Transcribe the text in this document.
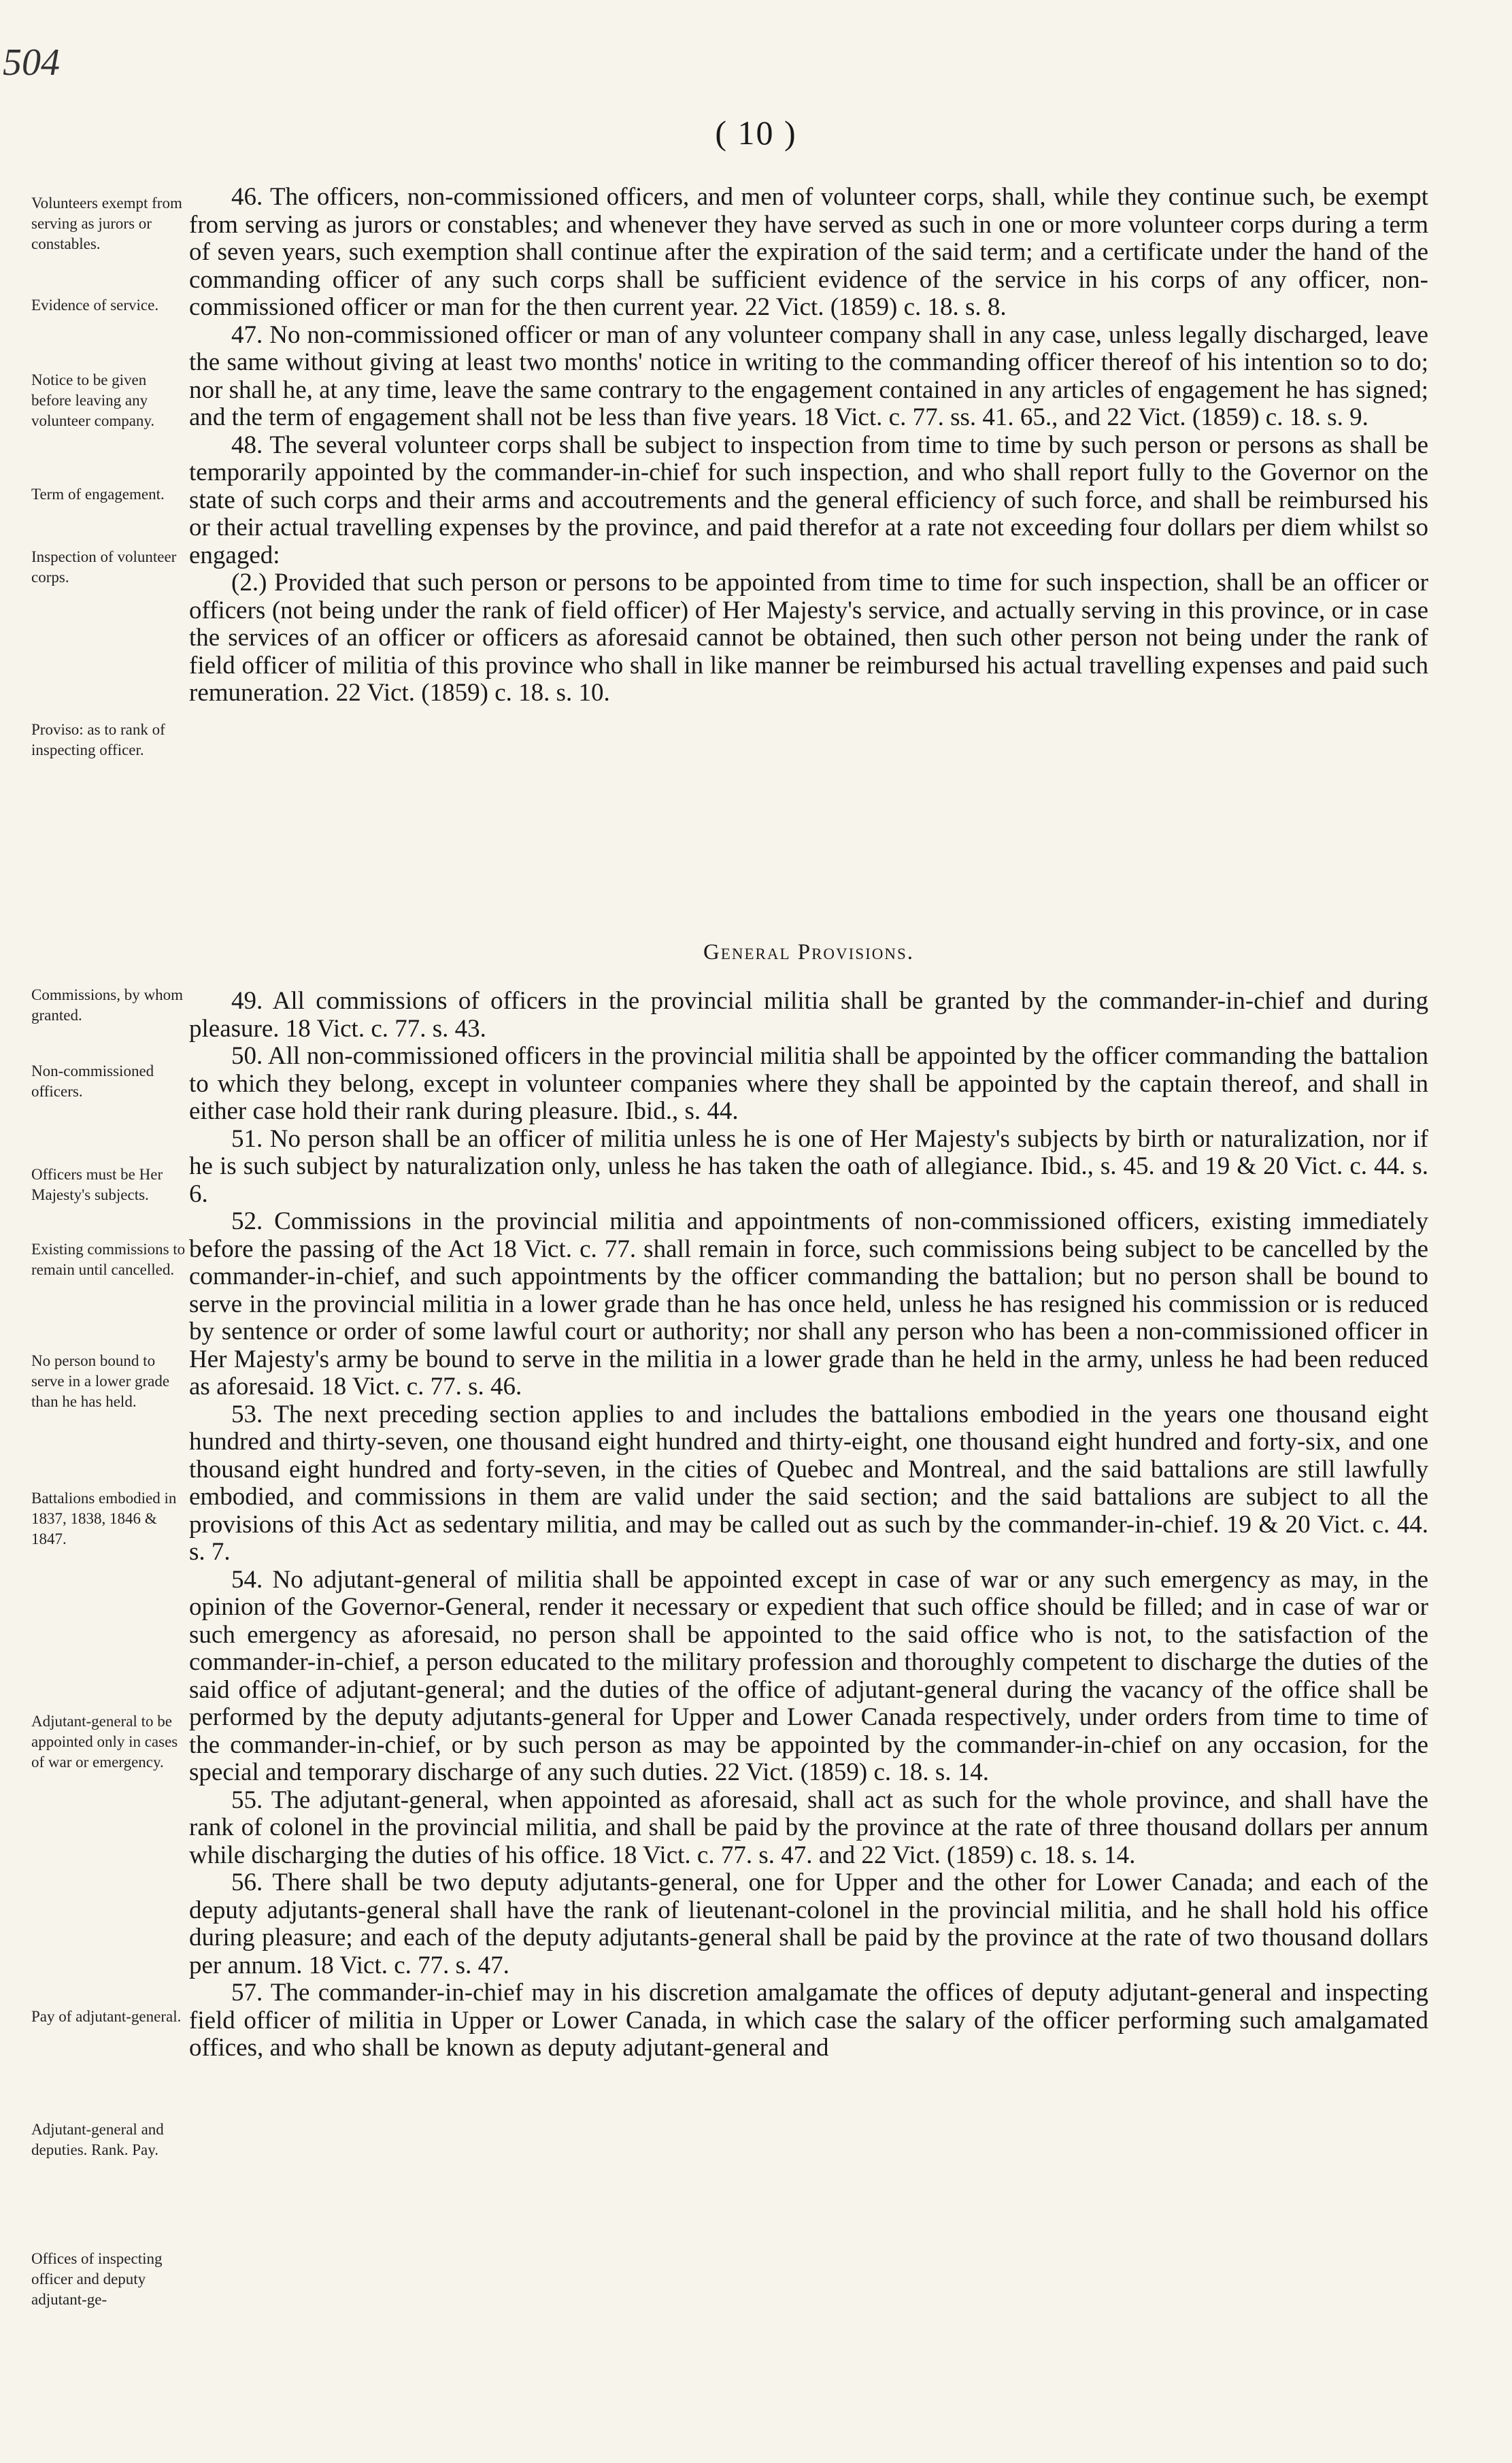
504
( 10 )
Volunteers exempt from serving as jurors or constables.
Evidence of service.
Notice to be given before leaving any volunteer company.
Term of engagement.
Inspection of volunteer corps.
Proviso: as to rank of inspecting officer.
Commissions, by whom granted.
Non-commissioned officers.
Officers must be Her Majesty's subjects.
Existing commissions to remain until cancelled.
No person bound to serve in a lower grade than he has held.
Battalions embodied in 1837, 1838, 1846 & 1847.
Adjutant-general to be appointed only in cases of war or emergency.
Pay of adjutant-general.
Adjutant-general and deputies. Rank. Pay.
Offices of inspecting officer and deputy adjutant-ge-

46. The officers, non-commissioned officers, and men of volunteer corps, shall, while they continue such, be exempt from serving as jurors or constables; and whenever they have served as such in one or more volunteer corps during a term of seven years, such exemption shall continue after the expiration of the said term; and a certificate under the hand of the commanding officer of any such corps shall be sufficient evidence of the service in his corps of any officer, non-commissioned officer or man for the then current year. 22 Vict. (1859) c. 18. s. 8.

47. No non-commissioned officer or man of any volunteer company shall in any case, unless legally discharged, leave the same without giving at least two months' notice in writing to the commanding officer thereof of his intention so to do; nor shall he, at any time, leave the same contrary to the engagement contained in any articles of engagement he has signed; and the term of engagement shall not be less than five years. 18 Vict. c. 77. ss. 41. 65., and 22 Vict. (1859) c. 18. s. 9.

48. The several volunteer corps shall be subject to inspection from time to time by such person or persons as shall be temporarily appointed by the commander-in-chief for such inspection, and who shall report fully to the Governor on the state of such corps and their arms and accoutrements and the general efficiency of such force, and shall be reimbursed his or their actual travelling expenses by the province, and paid therefor at a rate not exceeding four dollars per diem whilst so engaged:

(2.) Provided that such person or persons to be appointed from time to time for such inspection, shall be an officer or officers (not being under the rank of field officer) of Her Majesty's service, and actually serving in this province, or in case the services of an officer or officers as aforesaid cannot be obtained, then such other person not being under the rank of field officer of militia of this province who shall in like manner be reimbursed his actual travelling expenses and paid such remuneration. 22 Vict. (1859) c. 18. s. 10.

General Provisions.

49. All commissions of officers in the provincial militia shall be granted by the commander-in-chief and during pleasure. 18 Vict. c. 77. s. 43.

50. All non-commissioned officers in the provincial militia shall be appointed by the officer commanding the battalion to which they belong, except in volunteer companies where they shall be appointed by the captain thereof, and shall in either case hold their rank during pleasure. Ibid., s. 44.

51. No person shall be an officer of militia unless he is one of Her Majesty's subjects by birth or naturalization, nor if he is such subject by naturalization only, unless he has taken the oath of allegiance. Ibid., s. 45. and 19 & 20 Vict. c. 44. s. 6.

52. Commissions in the provincial militia and appointments of non-commissioned officers, existing immediately before the passing of the Act 18 Vict. c. 77. shall remain in force, such commissions being subject to be cancelled by the commander-in-chief, and such appointments by the officer commanding the battalion; but no person shall be bound to serve in the provincial militia in a lower grade than he has once held, unless he has resigned his commission or is reduced by sentence or order of some lawful court or authority; nor shall any person who has been a non-commissioned officer in Her Majesty's army be bound to serve in the militia in a lower grade than he held in the army, unless he had been reduced as aforesaid. 18 Vict. c. 77. s. 46.

53. The next preceding section applies to and includes the battalions embodied in the years one thousand eight hundred and thirty-seven, one thousand eight hundred and thirty-eight, one thousand eight hundred and forty-six, and one thousand eight hundred and forty-seven, in the cities of Quebec and Montreal, and the said battalions are still lawfully embodied, and commissions in them are valid under the said section; and the said battalions are subject to all the provisions of this Act as sedentary militia, and may be called out as such by the commander-in-chief. 19 & 20 Vict. c. 44. s. 7.

54. No adjutant-general of militia shall be appointed except in case of war or any such emergency as may, in the opinion of the Governor-General, render it necessary or expedient that such office should be filled; and in case of war or such emergency as aforesaid, no person shall be appointed to the said office who is not, to the satisfaction of the commander-in-chief, a person educated to the military profession and thoroughly competent to discharge the duties of the said office of adjutant-general; and the duties of the office of adjutant-general during the vacancy of the office shall be performed by the deputy adjutants-general for Upper and Lower Canada respectively, under orders from time to time of the commander-in-chief, or by such person as may be appointed by the commander-in-chief on any occasion, for the special and temporary discharge of any such duties. 22 Vict. (1859) c. 18. s. 14.

55. The adjutant-general, when appointed as aforesaid, shall act as such for the whole province, and shall have the rank of colonel in the provincial militia, and shall be paid by the province at the rate of three thousand dollars per annum while discharging the duties of his office. 18 Vict. c. 77. s. 47. and 22 Vict. (1859) c. 18. s. 14.

56. There shall be two deputy adjutants-general, one for Upper and the other for Lower Canada; and each of the deputy adjutants-general shall have the rank of lieutenant-colonel in the provincial militia, and he shall hold his office during pleasure; and each of the deputy adjutants-general shall be paid by the province at the rate of two thousand dollars per annum. 18 Vict. c. 77. s. 47.

57. The commander-in-chief may in his discretion amalgamate the offices of deputy adjutant-general and inspecting field officer of militia in Upper or Lower Canada, in which case the salary of the officer performing such amalgamated offices, and who shall be known as deputy adjutant-general and
